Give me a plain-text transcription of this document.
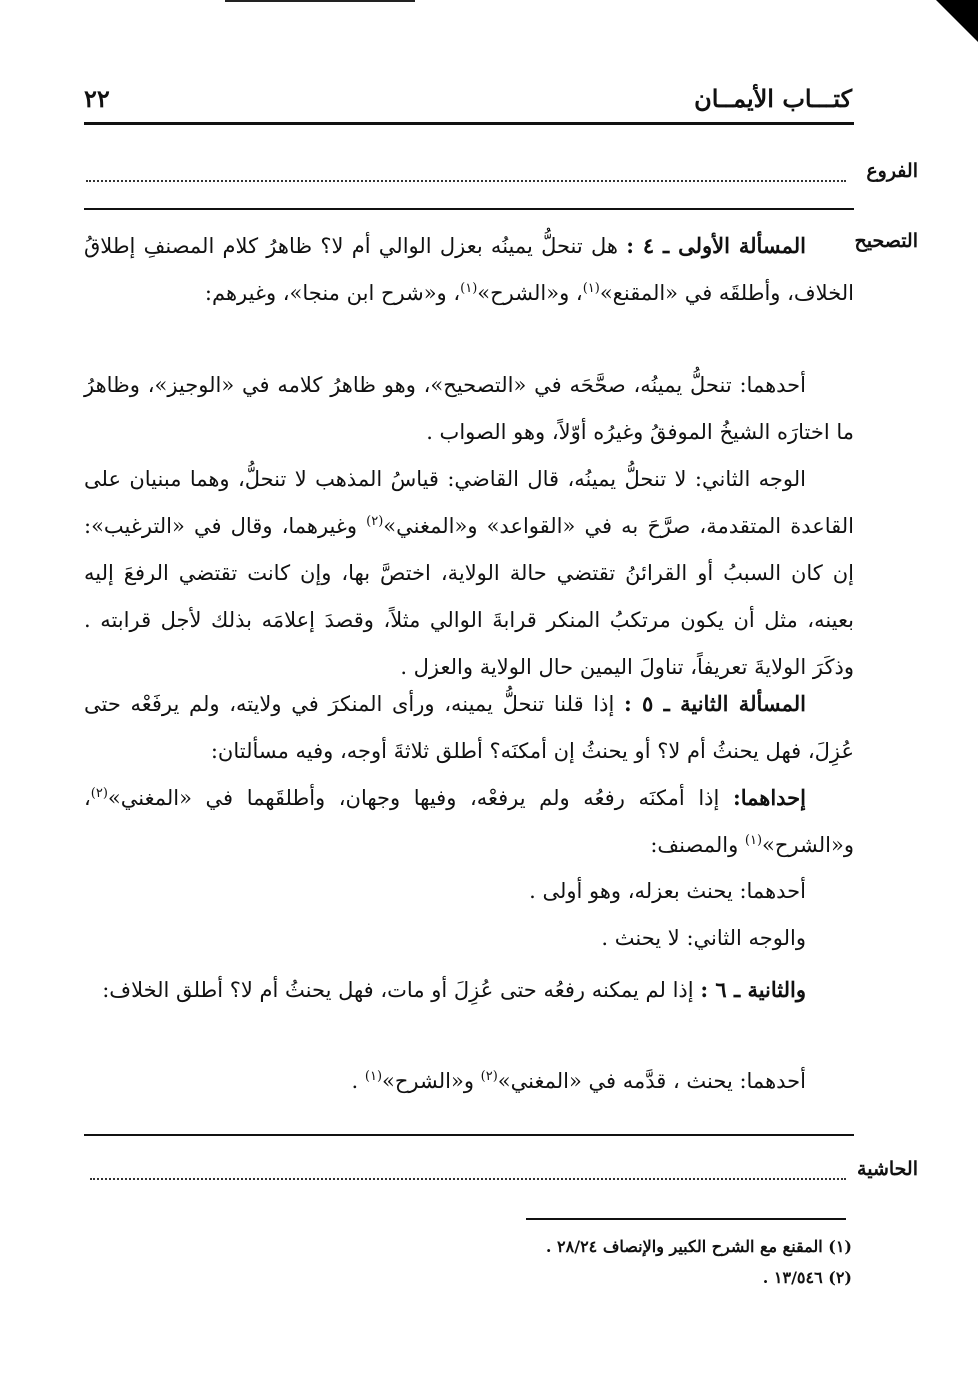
٢٢	كتـــاب الأيمــان
الفروع
التصحيح
المسألة الأولى ـ ٤ : هل تنحلُّ يمينُه بعزل الوالي أم لا؟ ظاهرُ كلام المصنفِ إطلاقُ الخلاف، وأطلقَه في «المقنع»$^{(١)}$، و«الشرح»$^{(١)}$، و«شرح ابن منجا»، وغيرهم:
أحدهما: تنحلُّ يمينُه، صحَّحَه في «التصحيح»، وهو ظاهرُ كلامه في «الوجيز»، وظاهرُ ما اختارَه الشيخُ الموفقُ وغيرُه أوّلاً، وهو الصواب .
الوجه الثاني: لا تنحلُّ يمينُه، قال القاضي: قياسُ المذهب لا تنحلُّ، وهما مبنيان على القاعدة المتقدمة، صرَّحَ به في «القواعد» و«المغني»$^{(٢)}$ وغيرهما، وقال في «الترغيب»: إن كان السببُ أو القرائنُ تقتضي حالة الولاية، اختصَّ بها، وإن كانت تقتضي الرفعَ إليه بعينه، مثل أن يكون مرتكبُ المنكر قرابةَ الوالي مثلاً، وقصدَ إعلامَه بذلك لأجل قرابته . وذكَرَ الولايةَ تعريفاً، تناولَ اليمين حال الولاية والعزل .
المسألة الثانية ـ ٥ : إذا قلنا تنحلُّ يمينه، ورأى المنكرَ في ولايته، ولم يرفَعْه حتى عُزِلَ، فهل يحنثُ أم لا؟ أو يحنثُ إن أمكنَه؟ أطلق ثلاثةَ أوجه، وفيه مسألتان:
إحداهما: إذا أمكنَه رفعُه ولم يرفعْه، وفيها وجهان، وأطلقَهما في «المغني»$^{(٢)}$، و«الشرح»$^{(١)}$ والمصنف:
أحدهما: يحنث بعزله، وهو أولى .
والوجه الثاني: لا يحنث .
والثانية ـ ٦ : إذا لم يمكنه رفعُه حتى عُزِلَ أو مات، فهل يحنثُ أم لا؟ أطلق الخلاف:
أحدهما: يحنث ، قدَّمه في «المغني»$^{(٢)}$ و«الشرح»$^{(١)}$ .
الحاشية
(١) المقنع مع الشرح الكبير والإنصاف ٢٨/٢٤ .
(٢) ١٣/٥٤٦ .
